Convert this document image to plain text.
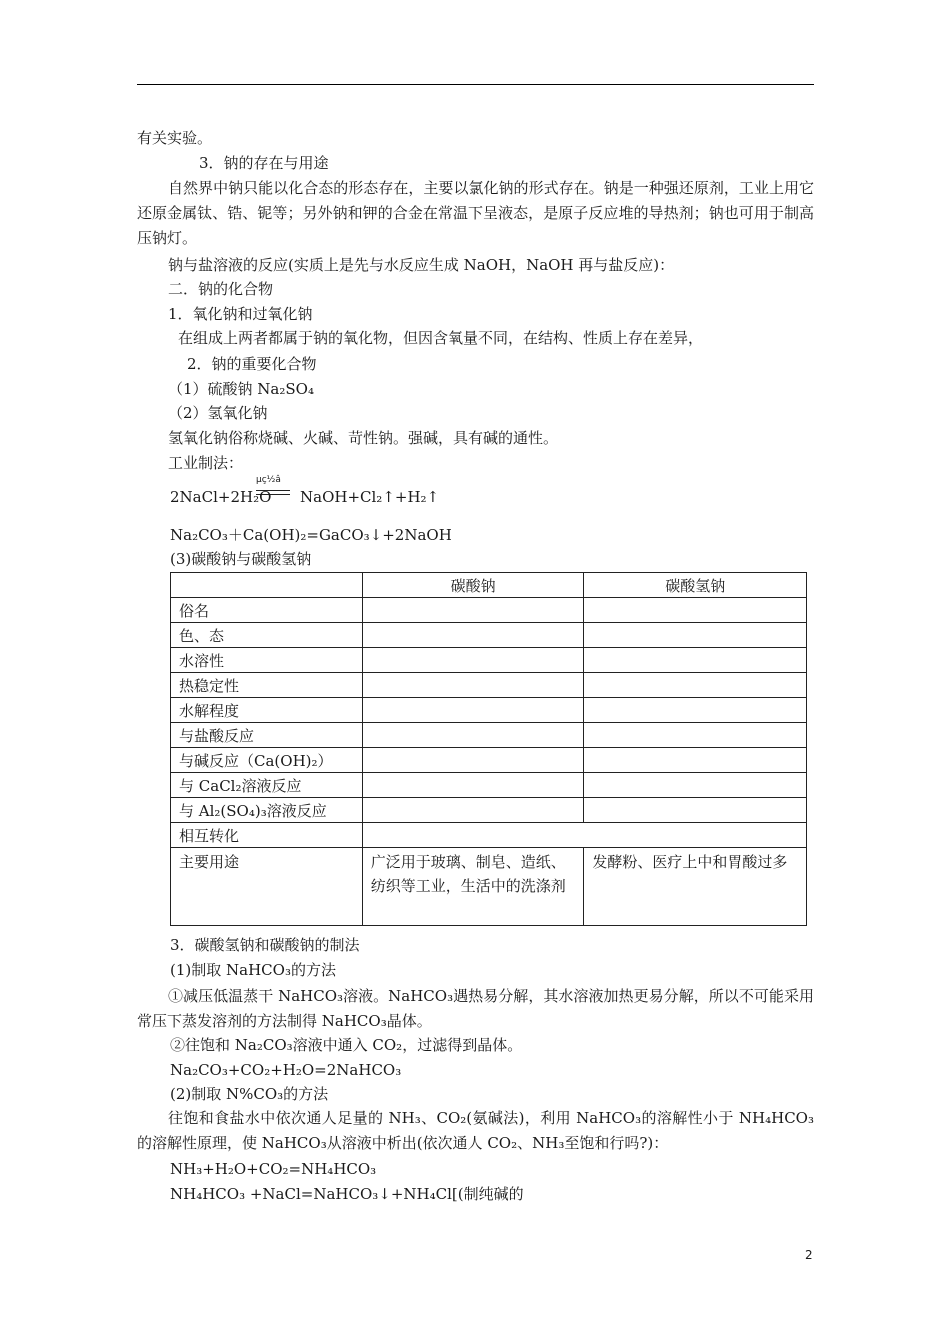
有关实验。
3．钠的存在与用途
自然界中钠只能以化合态的形态存在，主要以氯化钠的形式存在。钠是一种强还原剂，工业上用它还原金属钛、锆、铌等；另外钠和钾的合金在常温下呈液态，是原子反应堆的导热剂；钠也可用于制高压钠灯。
钠与盐溶液的反应(实质上是先与水反应生成 NaOH，NaOH 再与盐反应)：
二．钠的化合物
1．氧化钠和过氧化钠
在组成上两者都属于钠的氧化物，但因含氧量不同，在结构、性质上存在差异，
2．钠的重要化合物
（1）硫酸钠 Na₂SO₄
（2）氢氧化钠
氢氧化钠俗称烧碱、火碱、苛性钠。强碱，具有碱的通性。
工业制法：
µç½â
2NaCl+2H₂O NaOH+Cl₂↑+H₂↑
Na₂CO₃＋Ca(OH)₂=GaCO₃↓+2NaOH
(3)碳酸钠与碳酸氢钠
	碳酸钠	碳酸氢钠
俗名		
色、态		
水溶性		
热稳定性		
水解程度		
与盐酸反应		
与碱反应（Ca(OH)₂）		
与 CaCl₂溶液反应		
与 Al₂(SO₄)₃溶液反应		
相互转化		
主要用途	广泛用于玻璃、制皂、造纸、纺织等工业，生活中的洗涤剂	发酵粉、医疗上中和胃酸过多
3．碳酸氢钠和碳酸钠的制法
(1)制取 NaHCO₃的方法
①减压低温蒸干 NaHCO₃溶液。NaHCO₃遇热易分解，其水溶液加热更易分解，所以不可能采用常压下蒸发溶剂的方法制得 NaHCO₃晶体。
②往饱和 Na₂CO₃溶液中通入 CO₂，过滤得到晶体。
Na₂CO₃+CO₂+H₂O=2NaHCO₃
(2)制取 N%CO₃的方法
往饱和食盐水中依次通人足量的 NH₃、CO₂(氨碱法)，利用 NaHCO₃的溶解性小于 NH₄HCO₃的溶解性原理，使 NaHCO₃从溶液中析出(依次通人 CO₂、NH₃至饱和行吗?)：
NH₃+H₂O+CO₂=NH₄HCO₃
NH₄HCO₃ +NaCl=NaHCO₃↓+NH₄Cl[(制纯碱的
2
